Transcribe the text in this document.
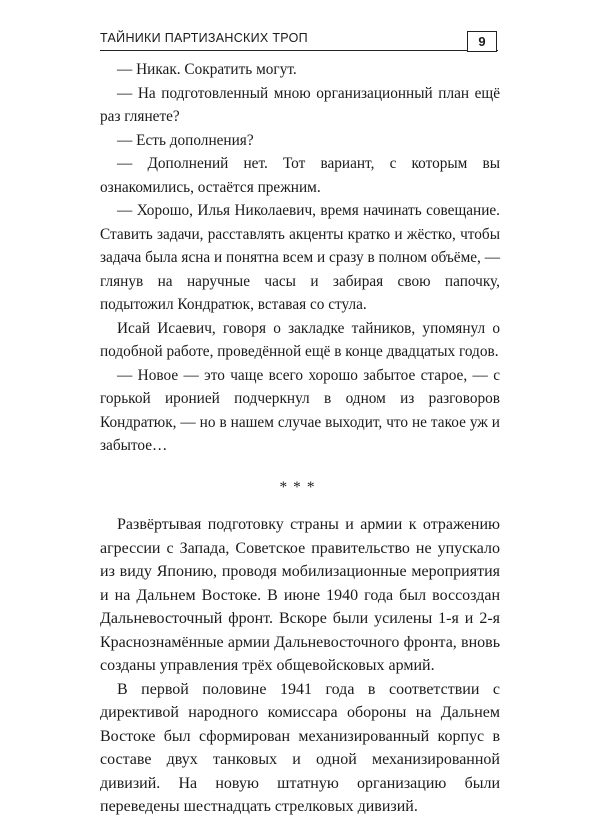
ТАЙНИКИ ПАРТИЗАНСКИХ ТРОП	9

— Никак. Сократить могут.

— На подготовленный мною организационный план ещё раз глянете?

— Есть дополнения?

— Дополнений нет. Тот вариант, с которым вы ознакомились, остаётся прежним.

— Хорошо, Илья Николаевич, время начинать совещание. Ставить задачи, расставлять акценты кратко и жёстко, чтобы задача была ясна и понятна всем и сразу в полном объёме, — глянув на наручные часы и забирая свою папочку, подытожил Кондратюк, вставая со стула.

Исай Исаевич, говоря о закладке тайников, упомянул о подобной работе, проведённой ещё в конце двадцатых годов.

— Новое — это чаще всего хорошо забытое старое, — с горькой иронией подчеркнул в одном из разговоров Кондратюк, — но в нашем случае выходит, что не такое уж и забытое…

***

Развёртывая подготовку страны и армии к отражению агрессии с Запада, Советское правительство не упускало из виду Японию, проводя мобилизационные мероприятия и на Дальнем Востоке. В июне 1940 года был воссоздан Дальневосточный фронт. Вскоре были усилены 1-я и 2-я Краснознамённые армии Дальневосточного фронта, вновь созданы управления трёх общевойсковых армий.

В первой половине 1941 года в соответствии с директивой народного комиссара обороны на Дальнем Востоке был сформирован механизированный корпус в составе двух танковых и одной механизированной дивизий. На новую штатную организацию были переведены шестнадцать стрелковых дивизий.
